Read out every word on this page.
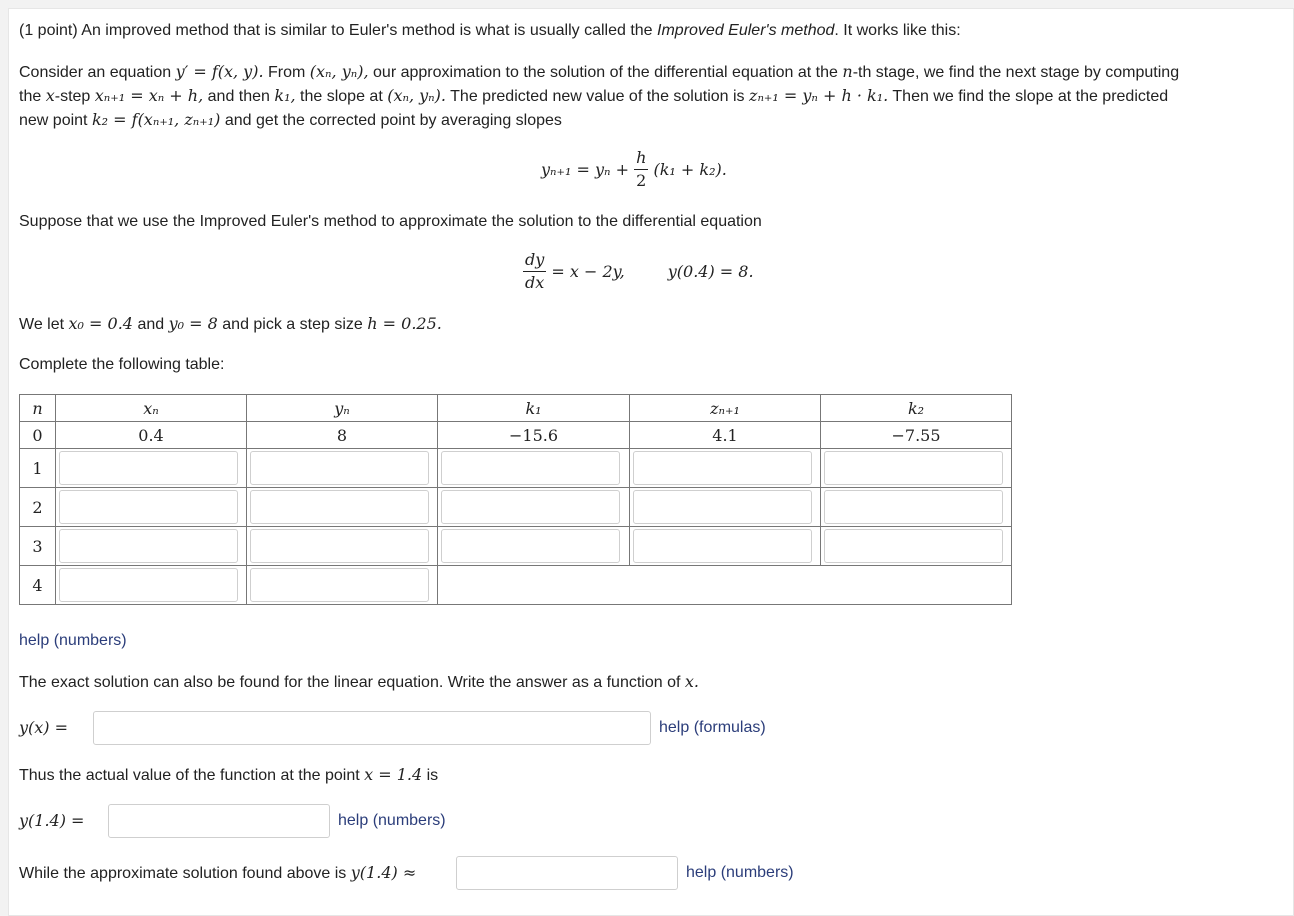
(1 point) An improved method that is similar to Euler's method is what is usually called the Improved Euler's method. It works like this:
Consider an equation y′ = f(x, y). From (xₙ, yₙ), our approximation to the solution of the differential equation at the n-th stage, we find the next stage by computing
the x-step xₙ₊₁ = xₙ + h, and then k₁, the slope at (xₙ, yₙ). The predicted new value of the solution is zₙ₊₁ = yₙ + h · k₁. Then we find the slope at the predicted
new point k₂ = f(xₙ₊₁, zₙ₊₁) and get the corrected point by averaging slopes
$y_{n+1} = y_n + \frac{h}{2} (k_1 + k_2)$.
Suppose that we use the Improved Euler's method to approximate the solution to the differential equation
$\frac{dy}{dx} = x - 2y$,	y(0.4) = 8.
We let x₀ = 0.4 and y₀ = 8 and pick a step size h = 0.25.
Complete the following table:
n	xₙ	yₙ	k₁	zₙ₊₁	k₂
0	0.4	8	−15.6	4.1	−7.55
1	

2	

3	

4	

help (numbers)
The exact solution can also be found for the linear equation. Write the answer as a function of x.
y(x) =	help (formulas)
Thus the actual value of the function at the point x = 1.4 is
y(1.4) =	help (numbers)
While the approximate solution found above is y(1.4) ≈	help (numbers)
